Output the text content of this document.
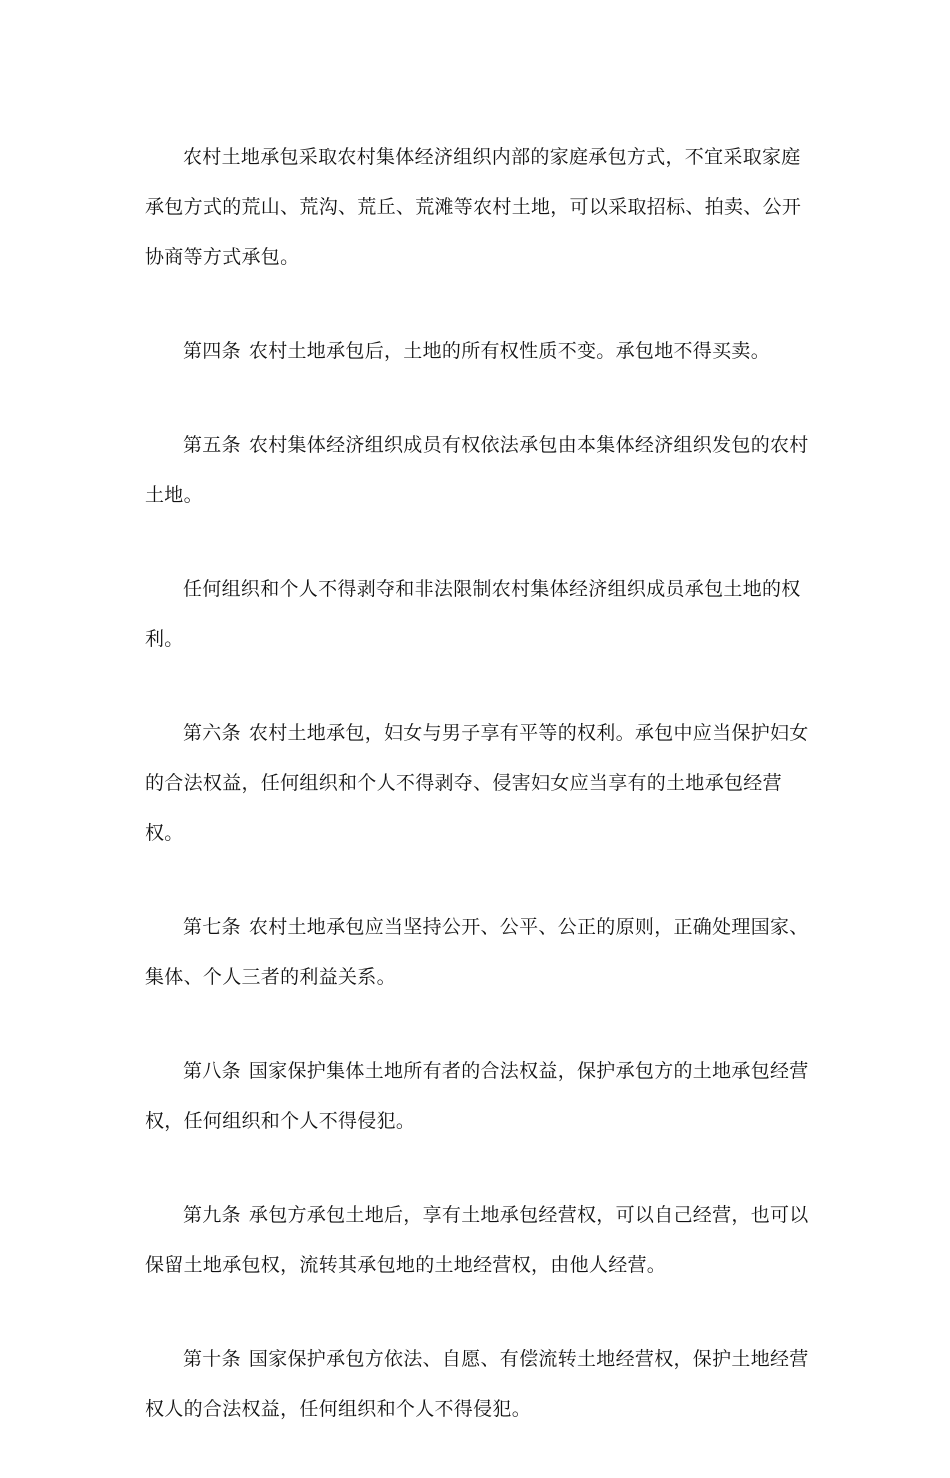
农村土地承包采取农村集体经济组织内部的家庭承包方式，不宜采取家庭承包方式的荒山、荒沟、荒丘、荒滩等农村土地，可以采取招标、拍卖、公开协商等方式承包。

第四条 农村土地承包后，土地的所有权性质不变。承包地不得买卖。

第五条 农村集体经济组织成员有权依法承包由本集体经济组织发包的农村土地。

任何组织和个人不得剥夺和非法限制农村集体经济组织成员承包土地的权利。

第六条 农村土地承包，妇女与男子享有平等的权利。承包中应当保护妇女的合法权益，任何组织和个人不得剥夺、侵害妇女应当享有的土地承包经营权。

第七条 农村土地承包应当坚持公开、公平、公正的原则，正确处理国家、集体、个人三者的利益关系。

第八条 国家保护集体土地所有者的合法权益，保护承包方的土地承包经营权，任何组织和个人不得侵犯。

第九条 承包方承包土地后，享有土地承包经营权，可以自己经营，也可以保留土地承包权，流转其承包地的土地经营权，由他人经营。

第十条 国家保护承包方依法、自愿、有偿流转土地经营权，保护土地经营权人的合法权益，任何组织和个人不得侵犯。
